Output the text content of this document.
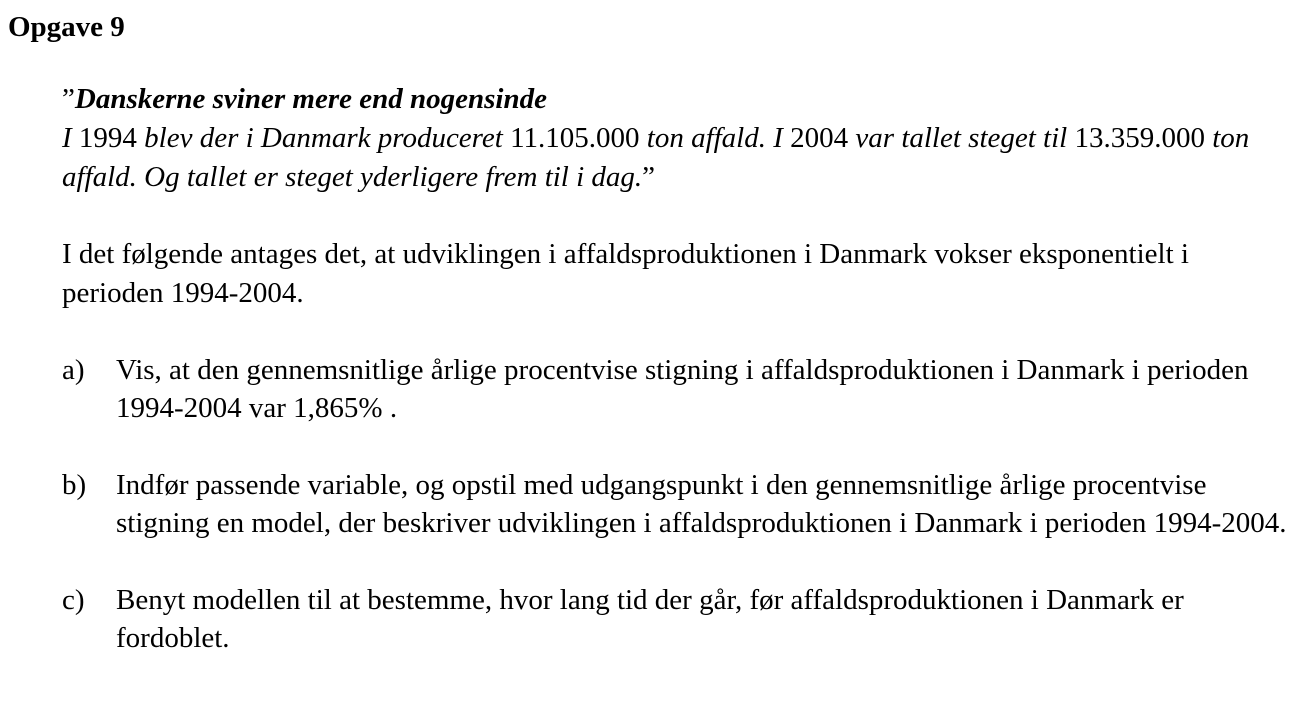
Opgave 9
”Danskerne sviner mere end nogensinde
I 1994 blev der i Danmark produceret 11.105.000 ton affald. I 2004 var tallet steget til 13.359.000 ton affald. Og tallet er steget yderligere frem til i dag.”

I det følgende antages det, at udviklingen i affaldsproduktionen i Danmark vokser eksponentielt i perioden 1994-2004.

a)	Vis, at den gennemsnitlige årlige procentvise stigning i affaldsproduktionen i Danmark i perioden 1994-2004 var 1,865% .
b)	Indfør passende variable, og opstil med udgangspunkt i den gennemsnitlige årlige procentvise stigning en model, der beskriver udviklingen i affaldsproduktionen i Danmark i perioden 1994-2004.
c)	Benyt modellen til at bestemme, hvor lang tid der går, før affaldsproduktionen i Danmark er fordoblet.
